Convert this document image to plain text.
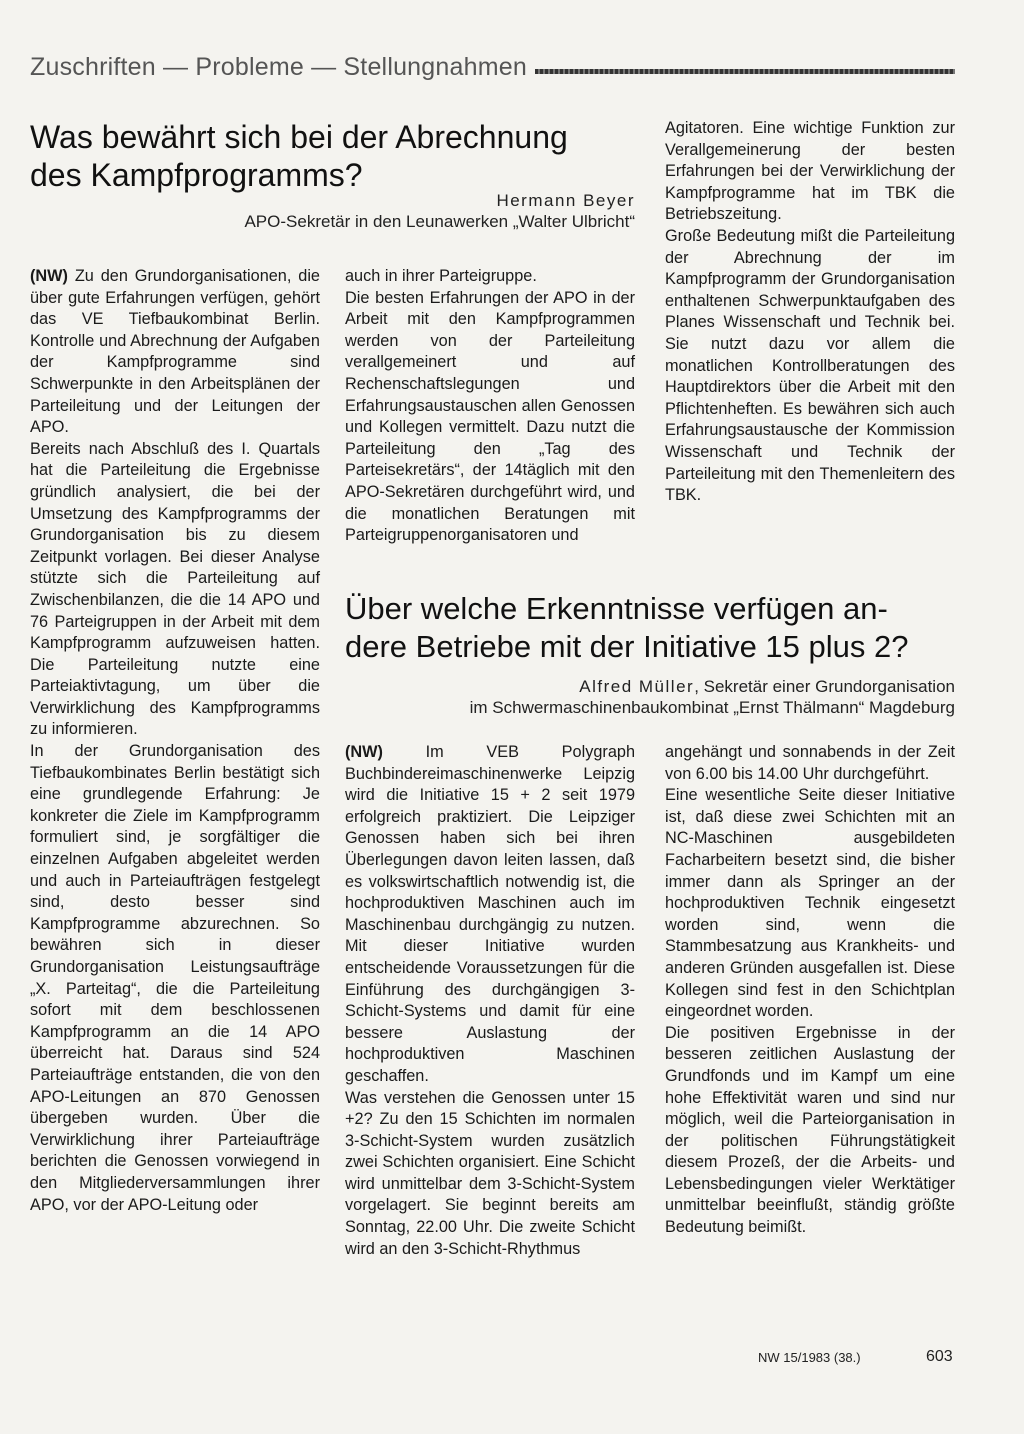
Zuschriften — Probleme — Stellungnahmen
Was bewährt sich bei der Abrechnung
des Kampfprogramms?
Hermann Beyer
APO-Sekretär in den Leunawerken „Walter Ulbricht“

(NW) Zu den Grundorganisationen, die über gute Erfahrungen verfügen, gehört das VE Tiefbaukombinat Berlin. Kontrolle und Abrechnung der Aufgaben der Kampfprogramme sind Schwerpunkte in den Arbeitsplänen der Parteileitung und der Leitungen der APO.

Bereits nach Abschluß des I. Quartals hat die Parteileitung die Ergebnisse gründlich analysiert, die bei der Umsetzung des Kampfprogramms der Grundorganisation bis zu diesem Zeitpunkt vorlagen. Bei dieser Analyse stützte sich die Parteileitung auf Zwischenbilanzen, die die 14 APO und 76 Parteigruppen in der Arbeit mit dem Kampfprogramm aufzuweisen hatten. Die Parteileitung nutzte eine Parteiaktivtagung, um über die Verwirklichung des Kampfprogramms zu informieren.

In der Grundorganisation des Tiefbaukombinates Berlin bestätigt sich eine grundlegende Erfahrung: Je konkreter die Ziele im Kampfprogramm formuliert sind, je sorgfältiger die einzelnen Aufgaben abgeleitet werden und auch in Parteiaufträgen festgelegt sind, desto besser sind Kampfprogramme abzurechnen. So bewähren sich in dieser Grundorganisation Leistungsaufträge „X. Parteitag“, die die Parteileitung sofort mit dem beschlossenen Kampfprogramm an die 14 APO überreicht hat. Daraus sind 524 Parteiaufträge entstanden, die von den APO-Leitungen an 870 Genossen übergeben wurden. Über die Verwirklichung ihrer Parteiaufträge berichten die Genossen vorwiegend in den Mitgliederversammlungen ihrer APO, vor der APO-Leitung oder

auch in ihrer Parteigruppe.

Die besten Erfahrungen der APO in der Arbeit mit den Kampfprogrammen werden von der Parteileitung verallgemeinert und auf Rechenschaftslegungen und Erfahrungsaustauschen allen Genossen und Kollegen vermittelt. Dazu nutzt die Parteileitung den „Tag des Parteisekretärs“, der 14täglich mit den APO-Sekretären durchgeführt wird, und die monatlichen Beratungen mit Parteigruppenorganisatoren und

Agitatoren. Eine wichtige Funktion zur Verallgemeinerung der besten Erfahrungen bei der Verwirklichung der Kampfprogramme hat im TBK die Betriebszeitung.

Große Bedeutung mißt die Parteileitung der Abrechnung der im Kampfprogramm der Grundorganisation enthaltenen Schwerpunktaufgaben des Planes Wissenschaft und Technik bei. Sie nutzt dazu vor allem die monatlichen Kontrollberatungen des Hauptdirektors über die Arbeit mit den Pflichtenheften. Es bewähren sich auch Erfahrungsaustausche der Kommission Wissenschaft und Technik der Parteileitung mit den Themenleitern des TBK.

Über welche Erkenntnisse verfügen an-
dere Betriebe mit der Initiative 15 plus 2?
Alfred Müller, Sekretär einer Grundorganisation
im Schwermaschinenbaukombinat „Ernst Thälmann“ Magdeburg

(NW)	Im VEB Polygraph Buchbindereimaschinenwerke Leipzig wird die Initiative 15 + 2 seit 1979 erfolgreich praktiziert. Die Leipziger Genossen haben sich bei ihren Überlegungen davon leiten lassen, daß es volkswirtschaftlich notwendig ist, die hochproduktiven Maschinen auch im Maschinenbau durchgängig zu nutzen. Mit dieser Initiative wurden entscheidende Voraussetzungen für die Einführung des durchgängigen 3-Schicht-Systems und damit für eine bessere Auslastung der hochproduktiven Maschinen geschaffen.

Was verstehen die Genossen unter 15 +2? Zu den 15 Schichten im normalen 3-Schicht-System wurden zusätzlich zwei Schichten organisiert. Eine Schicht wird unmittelbar dem 3-Schicht-System vorgelagert. Sie beginnt bereits am Sonntag, 22.00 Uhr. Die zweite Schicht wird an den 3-Schicht-Rhythmus

angehängt und sonnabends in der Zeit von 6.00 bis 14.00 Uhr durchgeführt.

Eine wesentliche Seite dieser Initiative ist, daß diese zwei Schichten mit an NC-Maschinen ausgebildeten Facharbeitern besetzt sind, die bisher immer dann als Springer an der hochproduktiven Technik eingesetzt worden sind, wenn die Stammbesatzung aus Krankheits- und anderen Gründen ausgefallen ist. Diese Kollegen sind fest in den Schichtplan eingeordnet worden.

Die positiven Ergebnisse in der besseren zeitlichen Auslastung der Grundfonds und im Kampf um eine hohe Effektivität waren und sind nur möglich, weil die Parteiorganisation in der politischen Führungstätigkeit diesem Prozeß, der die Arbeits- und Lebensbedingungen vieler Werktätiger unmittelbar beeinflußt, ständig größte Bedeutung beimißt.

NW 15/1983 (38.)	603
